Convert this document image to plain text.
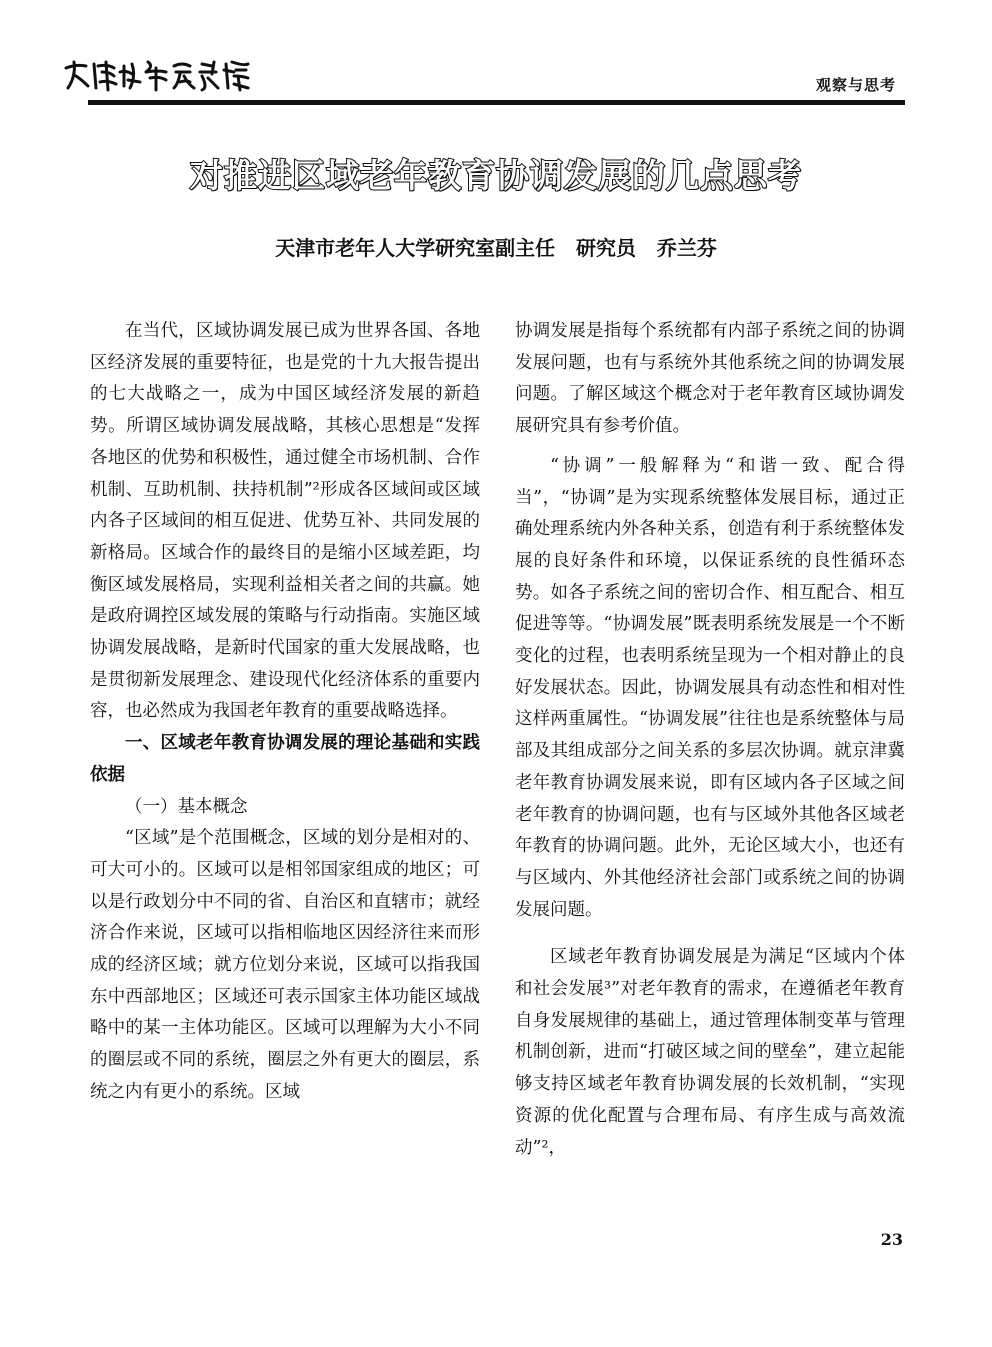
观察与思考
对推进区域老年教育协调发展的几点思考
天津市老年人大学研究室副主任   研究员   乔兰芬

在当代，区域协调发展已成为世界各国、各地区经济发展的重要特征，也是党的十九大报告提出的七大战略之一，成为中国区域经济发展的新趋势。所谓区域协调发展战略，其核心思想是“发挥各地区的优势和积极性，通过健全市场机制、合作机制、互助机制、扶持机制”²形成各区域间或区域内各子区域间的相互促进、优势互补、共同发展的新格局。区域合作的最终目的是缩小区域差距，均衡区域发展格局，实现利益相关者之间的共赢。她是政府调控区域发展的策略与行动指南。实施区域协调发展战略，是新时代国家的重大发展战略，也是贯彻新发展理念、建设现代化经济体系的重要内容，也必然成为我国老年教育的重要战略选择。

一、区域老年教育协调发展的理论基础和实践依据
（一）基本概念

“区域”是个范围概念，区域的划分是相对的、可大可小的。区域可以是相邻国家组成的地区；可以是行政划分中不同的省、自治区和直辖市；就经济合作来说，区域可以指相临地区因经济往来而形成的经济区域；就方位划分来说，区域可以指我国东中西部地区；区域还可表示国家主体功能区域战略中的某一主体功能区。区域可以理解为大小不同的圈层或不同的系统，圈层之外有更大的圈层，系统之内有更小的系统。区域

协调发展是指每个系统都有内部子系统之间的协调发展问题，也有与系统外其他系统之间的协调发展问题。了解区域这个概念对于老年教育区域协调发展研究具有参考价值。

“协调”一般解释为“和谐一致、配合得当”，“协调”是为实现系统整体发展目标，通过正确处理系统内外各种关系，创造有利于系统整体发展的良好条件和环境，以保证系统的良性循环态势。如各子系统之间的密切合作、相互配合、相互促进等等。“协调发展”既表明系统发展是一个不断变化的过程，也表明系统呈现为一个相对静止的良好发展状态。因此，协调发展具有动态性和相对性这样两重属性。“协调发展”往往也是系统整体与局部及其组成部分之间关系的多层次协调。就京津冀老年教育协调发展来说，即有区域内各子区域之间老年教育的协调问题，也有与区域外其他各区域老年教育的协调问题。此外，无论区域大小，也还有与区域内、外其他经济社会部门或系统之间的协调发展问题。

区域老年教育协调发展是为满足“区域内个体和社会发展³”对老年教育的需求，在遵循老年教育自身发展规律的基础上，通过管理体制变革与管理机制创新，进而“打破区域之间的壁垒”，建立起能够支持区域老年教育协调发展的长效机制，“实现资源的优化配置与合理布局、有序生成与高效流动”²，

23
